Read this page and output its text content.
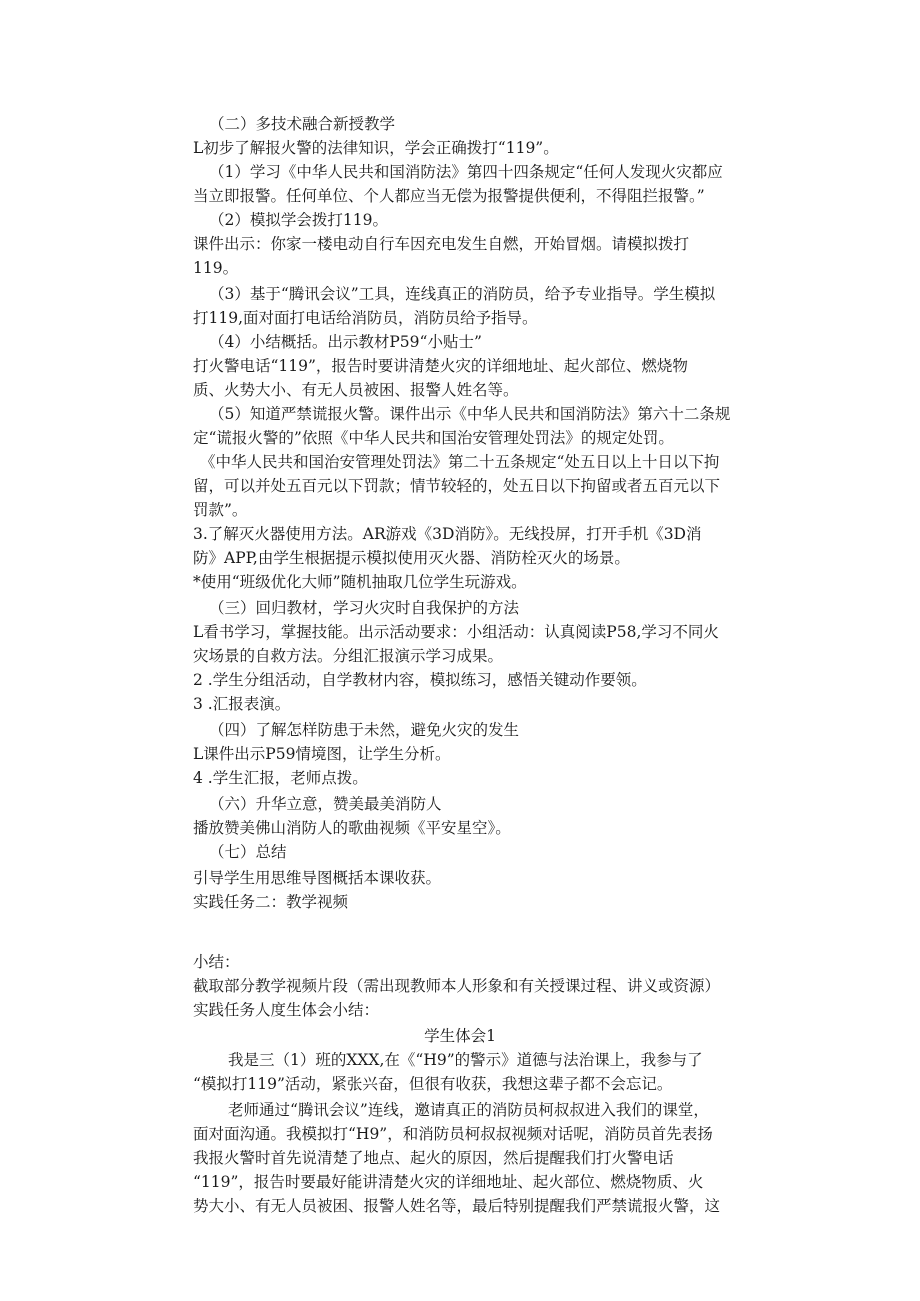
（二）多技术融合新授教学
L初步了解报火警的法律知识，学会正确拨打“119”。
（1）学习《中华人民共和国消防法》第四十四条规定“任何人发现火灾都应
当立即报警。任何单位、个人都应当无偿为报警提供便利，不得阻拦报警。”
（2）模拟学会拨打119。
课件出示：你家一楼电动自行车因充电发生自燃，开始冒烟。请模拟拨打
119。
（3）基于“腾讯会议”工具，连线真正的消防员，给予专业指导。学生模拟
打119,面对面打电话给消防员，消防员给予指导。
（4）小结概括。出示教材P59“小贴士”
打火警电话“119”，报告时要讲清楚火灾的详细地址、起火部位、燃烧物
质、火势大小、有无人员被困、报警人姓名等。
（5）知道严禁谎报火警。课件出示《中华人民共和国消防法》第六十二条规
定“谎报火警的”依照《中华人民共和国治安管理处罚法》的规定处罚。
《中华人民共和国治安管理处罚法》第二十五条规定“处五日以上十日以下拘
留，可以并处五百元以下罚款；情节较轻的，处五日以下拘留或者五百元以下
罚款”。
3.了解灭火器使用方法。AR游戏《3D消防》。无线投屏，打开手机《3D消
防》APP,由学生根据提示模拟使用灭火器、消防栓灭火的场景。
*使用“班级优化大师”随机抽取几位学生玩游戏。
（三）回归教材，学习火灾时自我保护的方法
L看书学习，掌握技能。出示活动要求：小组活动：认真阅读P58,学习不同火
灾场景的自救方法。分组汇报演示学习成果。
2 .学生分组活动，自学教材内容，模拟练习，感悟关键动作要领。
3 .汇报表演。
（四）了解怎样防患于未然，避免火灾的发生
L课件出示P59情境图，让学生分析。
4 .学生汇报，老师点拨。
（六）升华立意，赞美最美消防人
播放赞美佛山消防人的歌曲视频《平安星空》。
（七）总结
引导学生用思维导图概括本课收获。
实践任务二：教学视频
小结：
截取部分教学视频片段（需出现教师本人形象和有关授课过程、讲义或资源）
实践任务人度生体会小结：
学生体会1
我是三（1）班的XXX,在《“H9”的警示》道德与法治课上，我参与了
“模拟打119”活动，紧张兴奋，但很有收获，我想这辈子都不会忘记。
老师通过“腾讯会议”连线，邀请真正的消防员柯叔叔进入我们的课堂，
面对面沟通。我模拟打“H9”，和消防员柯叔叔视频对话呢，消防员首先表扬
我报火警时首先说清楚了地点、起火的原因，然后提醒我们打火警电话
“119”，报告时要最好能讲清楚火灾的详细地址、起火部位、燃烧物质、火
势大小、有无人员被困、报警人姓名等，最后特别提醒我们严禁谎报火警，这
